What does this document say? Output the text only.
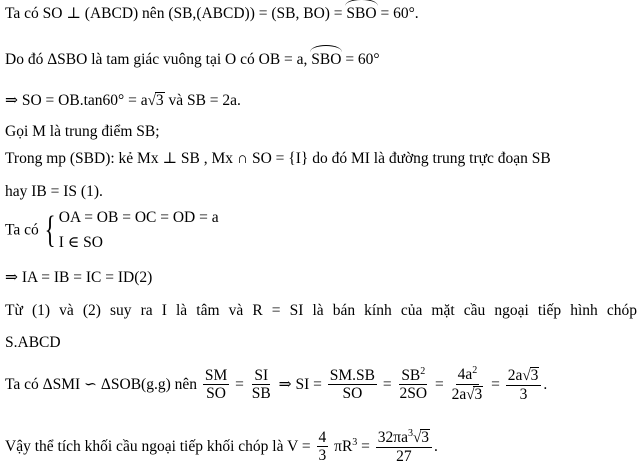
Ta có SO ⊥ (ABCD) nên (SB,(ABCD)) = (SB, BO) = SBO = 60°.
Do đó ΔSBO là tam giác vuông tại O có OB = a, SBO = 60°
⇒ SO = OB.tan60° = a√3 và SB = 2a.
Gọi M là trung điểm SB;
Trong mp (SBD): kẻ Mx ⊥ SB , Mx ∩ SO = {I} do đó MI là đường trung trực đoạn SB
hay IB = IS (1).
Ta có { OA = OB = OC = OD = a
I ∈ SO
⇒ IA = IB = IC = ID(2)
Từ (1) và (2) suy ra I là tâm và R = SI là bán kính của mặt cầu ngoại tiếp hình chóp
S.ABCD
Ta có ΔSMI ∽ ΔSOB(g.g) nên $\frac{SM}{SO} = \frac{SI}{SB}$ ⇒ SI = $\frac{SM.SB}{SO} = \frac{SB^2}{2SO} = \frac{4a^2}{2a√3} = \frac{2a√3}{3}$ .
Vậy thể tích khối cầu ngoại tiếp khối chóp là $V = \frac{4}{3} \pi R^3 = \frac{32\pi a^3√3}{27}$ .
